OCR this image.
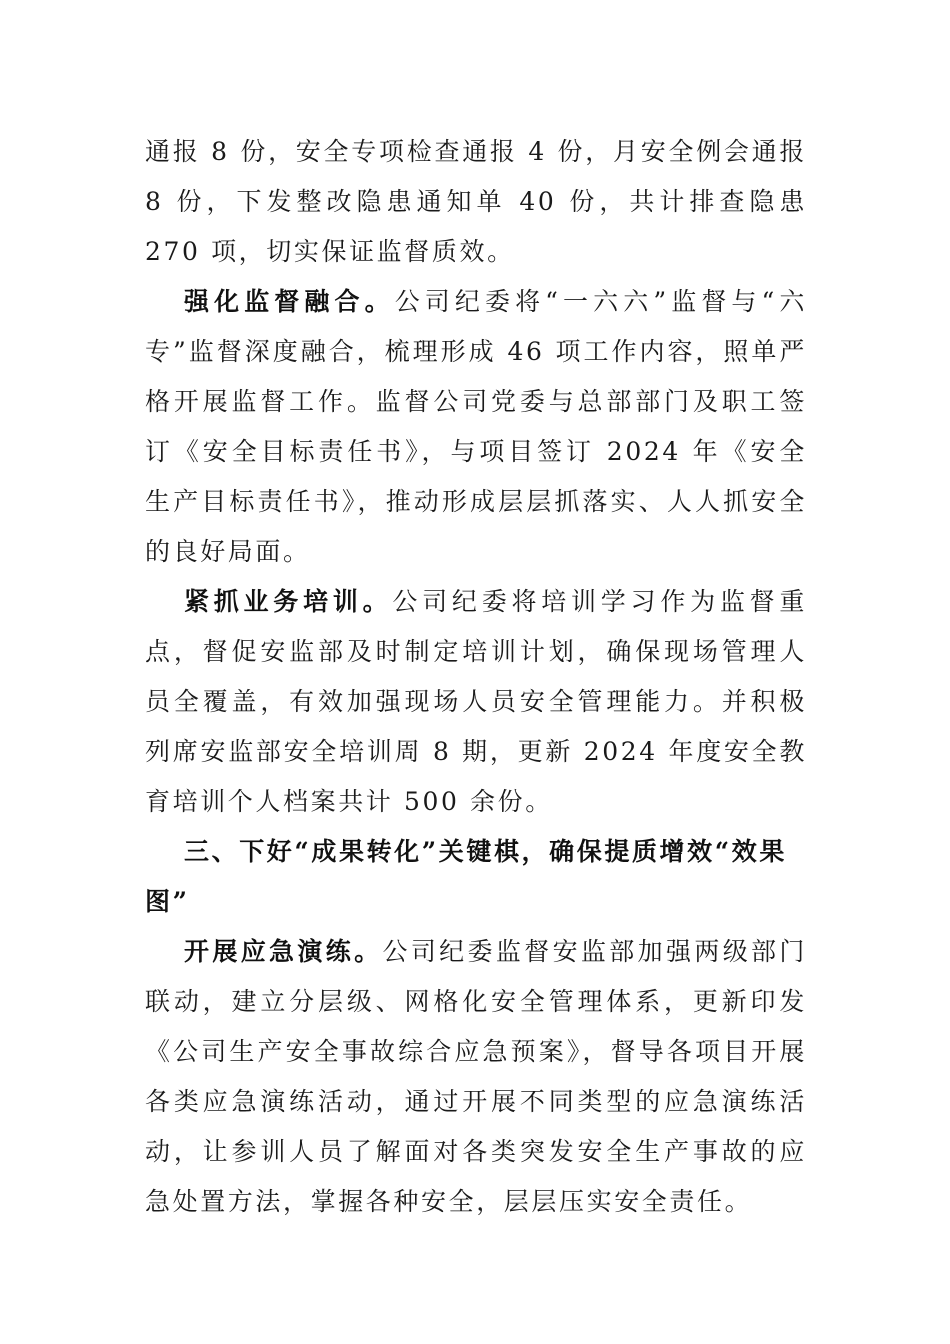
通报 8 份，安全专项检查通报 4 份，月安全例会通报 8 份，下发整改隐患通知单 40 份，共计排查隐患 270 项，切实保证监督质效。

强化监督融合。公司纪委将“一六六”监督与“六专”监督深度融合，梳理形成 46 项工作内容，照单严格开展监督工作。监督公司党委与总部部门及职工签订《安全目标责任书》，与项目签订 2024 年《安全生产目标责任书》，推动形成层层抓落实、人人抓安全的良好局面。

紧抓业务培训。公司纪委将培训学习作为监督重点，督促安监部及时制定培训计划，确保现场管理人员全覆盖，有效加强现场人员安全管理能力。并积极列席安监部安全培训周 8 期，更新 2024 年度安全教育培训个人档案共计 500 余份。

三、下好“成果转化”关键棋，确保提质增效“效果图”

开展应急演练。公司纪委监督安监部加强两级部门联动，建立分层级、网格化安全管理体系，更新印发《公司生产安全事故综合应急预案》，督导各项目开展各类应急演练活动，通过开展不同类型的应急演练活动，让参训人员了解面对各类突发安全生产事故的应急处置方法，掌握各种安全，层层压实安全责任。
